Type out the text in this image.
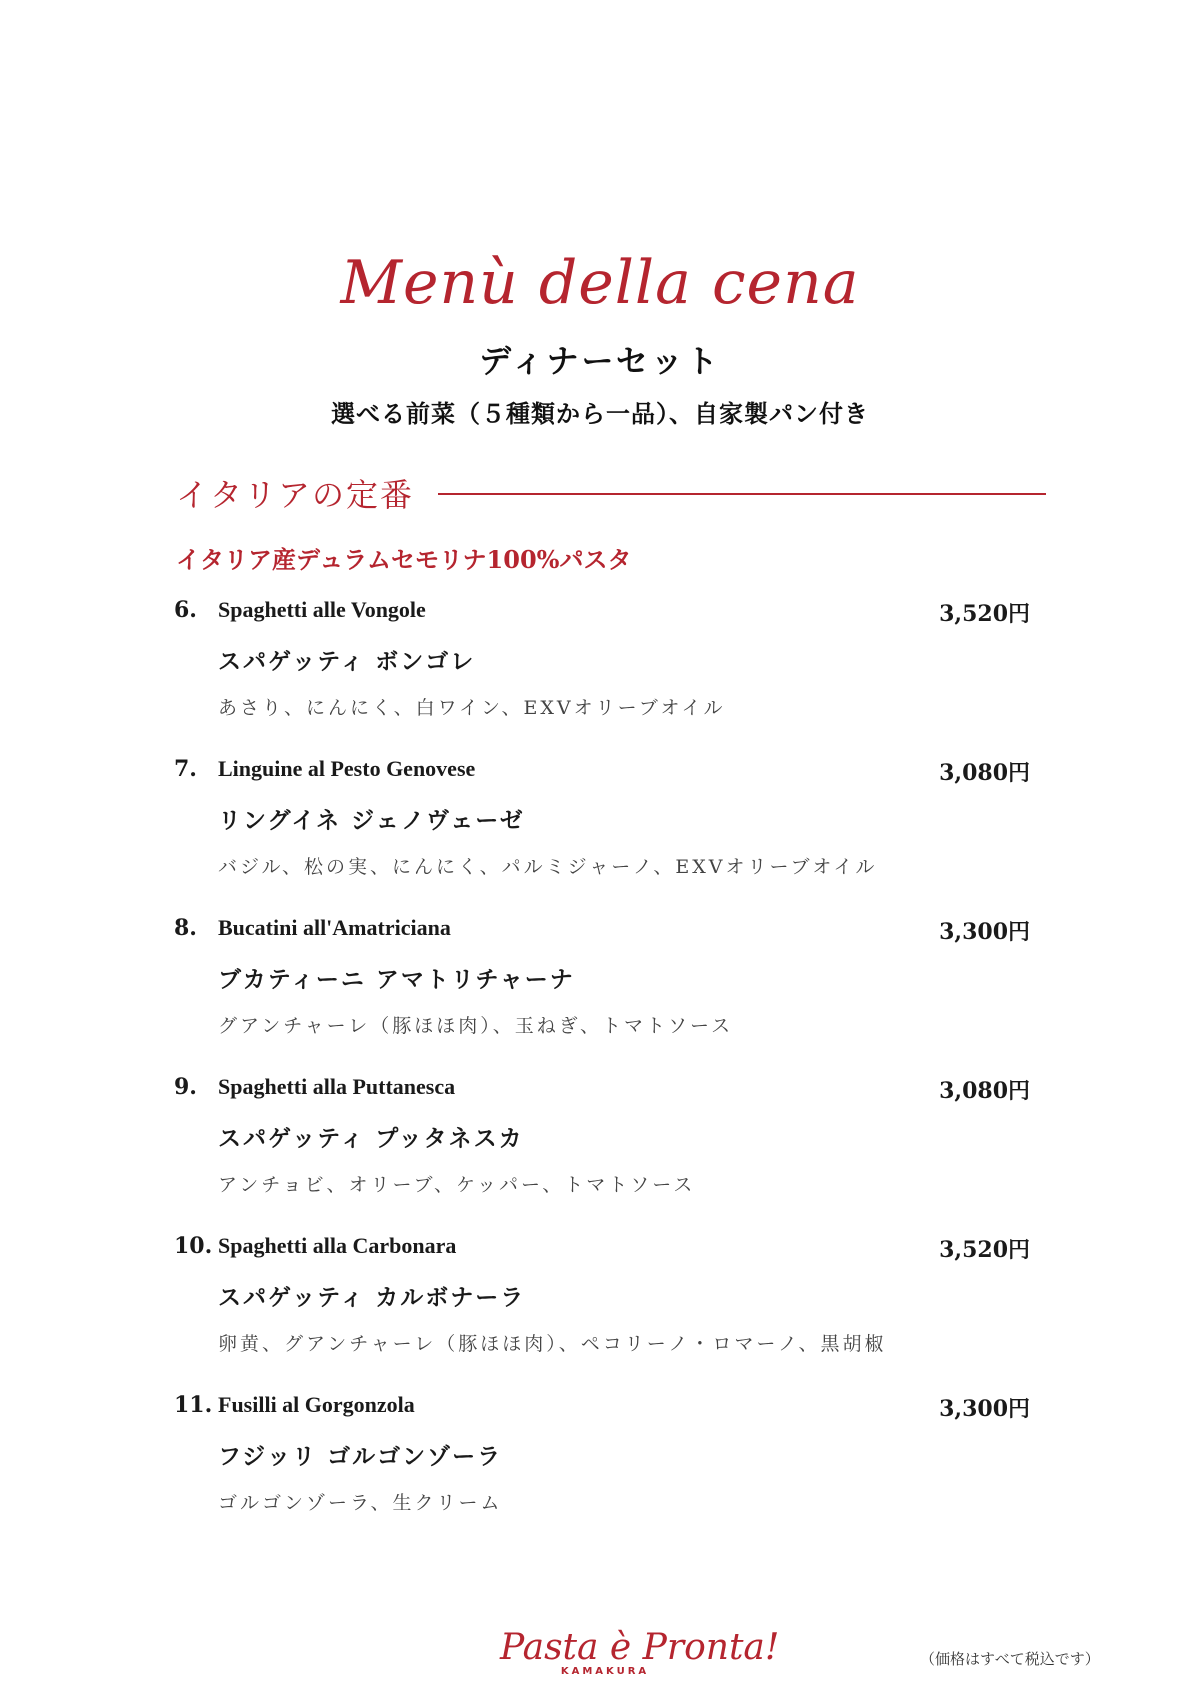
Menù della cena
ディナーセット
選べる前菜（５種類から一品）、自家製パン付き
イタリアの定番
イタリア産デュラムセモリナ100%パスタ
6. Spaghetti alle Vongole	3,520円
スパゲッティ ボンゴレ
あさり、にんにく、白ワイン、EXVオリーブオイル
7. Linguine al Pesto Genovese	3,080円
リングイネ ジェノヴェーゼ
バジル、松の実、にんにく、パルミジャーノ、EXVオリーブオイル
8. Bucatini all'Amatriciana	3,300円
ブカティーニ アマトリチャーナ
グアンチャーレ（豚ほほ肉）、玉ねぎ、トマトソース
9. Spaghetti alla Puttanesca	3,080円
スパゲッティ プッタネスカ
アンチョビ、オリーブ、ケッパー、トマトソース
10. Spaghetti alla Carbonara	3,520円
スパゲッティ カルボナーラ
卵黄、グアンチャーレ（豚ほほ肉）、ペコリーノ・ロマーノ、黒胡椒
11. Fusilli al Gorgonzola	3,300円
フジッリ ゴルゴンゾーラ
ゴルゴンゾーラ、生クリーム
Pasta è Pronta!
KAMAKURA
（価格はすべて税込です）
